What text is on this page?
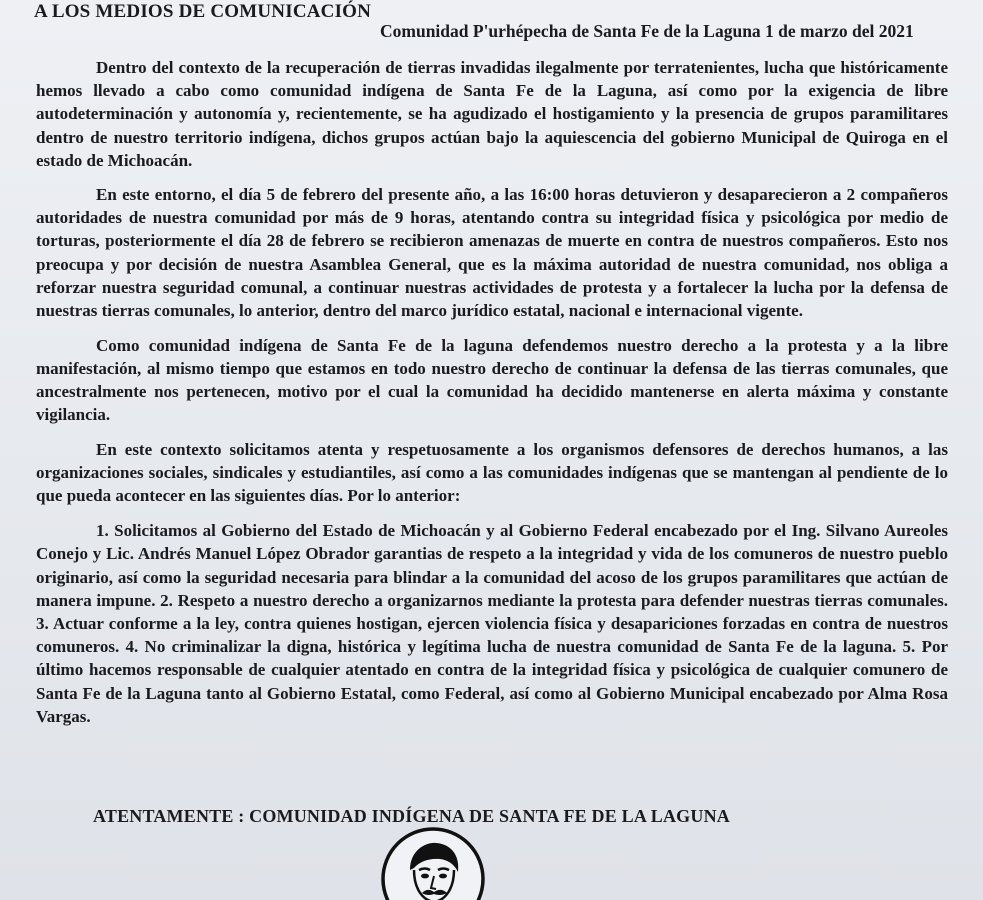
A LOS MEDIOS DE COMUNICACIÓN
Comunidad P'urhépecha de Santa Fe de la Laguna 1 de marzo del 2021

Dentro del contexto de la recuperación de tierras invadidas ilegalmente por terratenientes, lucha que históricamente hemos llevado a cabo como comunidad indígena de Santa Fe de la Laguna, así como por la exigencia de libre autodeterminación y autonomía y, recientemente, se ha agudizado el hostigamiento y la presencia de grupos paramilitares dentro de nuestro territorio indígena, dichos grupos actúan bajo la aquiescencia del gobierno Municipal de Quiroga en el estado de Michoacán.

En este entorno, el día 5 de febrero del presente año, a las 16:00 horas detuvieron y desaparecieron a 2 compañeros autoridades de nuestra comunidad por más de 9 horas, atentando contra su integridad física y psicológica por medio de torturas, posteriormente el día 28 de febrero se recibieron amenazas de muerte en contra de nuestros compañeros. Esto nos preocupa y por decisión de nuestra Asamblea General, que es la máxima autoridad de nuestra comunidad, nos obliga a reforzar nuestra seguridad comunal, a continuar nuestras actividades de protesta y a fortalecer la lucha por la defensa de nuestras tierras comunales, lo anterior, dentro del marco jurídico estatal, nacional e internacional vigente.

Como comunidad indígena de Santa Fe de la laguna defendemos nuestro derecho a la protesta y a la libre manifestación, al mismo tiempo que estamos en todo nuestro derecho de continuar la defensa de las tierras comunales, que ancestralmente nos pertenecen, motivo por el cual la comunidad ha decidido mantenerse en alerta máxima y constante vigilancia.

En este contexto solicitamos atenta y respetuosamente a los organismos defensores de derechos humanos, a las organizaciones sociales, sindicales y estudiantiles, así como a las comunidades indígenas que se mantengan al pendiente de lo que pueda acontecer en las siguientes días. Por lo anterior:

1. Solicitamos al Gobierno del Estado de Michoacán y al Gobierno Federal encabezado por el Ing. Silvano Aureoles Conejo y Lic. Andrés Manuel López Obrador garantias de respeto a la integridad y vida de los comuneros de nuestro pueblo originario, así como la seguridad necesaria para blindar a la comunidad del acoso de los grupos paramilitares que actúan de manera impune. 2. Respeto a nuestro derecho a organizarnos mediante la protesta para defender nuestras tierras comunales. 3. Actuar conforme a la ley, contra quienes hostigan, ejercen violencia física y desapariciones forzadas en contra de nuestros comuneros. 4. No criminalizar la digna, histórica y legítima lucha de nuestra comunidad de Santa Fe de la laguna. 5. Por último hacemos responsable de cualquier atentado en contra de la integridad física y psicológica de cualquier comunero de Santa Fe de la Laguna tanto al Gobierno Estatal, como Federal, así como al Gobierno Municipal encabezado por Alma Rosa Vargas.

ATENTAMENTE : COMUNIDAD INDÍGENA DE SANTA FE DE LA LAGUNA
